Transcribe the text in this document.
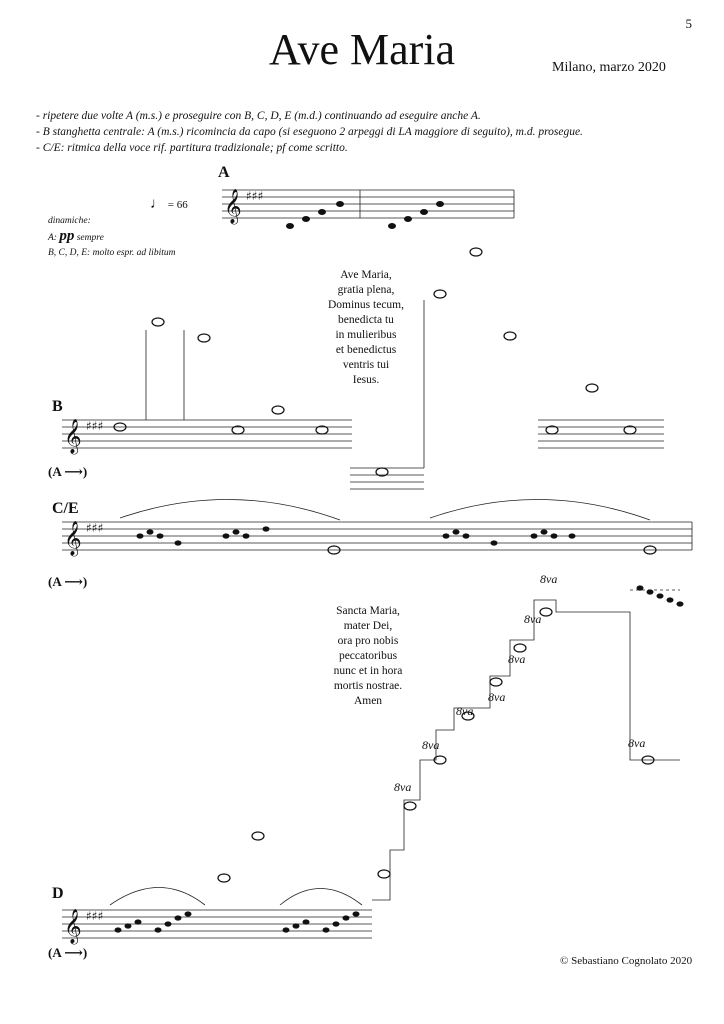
Ave Maria
5
Milano, marzo 2020
- ripetere due volte A (m.s.) e proseguire con B, C, D, E (m.d.) continuando ad eseguire anche A.
- B stanghetta centrale: A (m.s.) ricomincia da capo (si eseguono 2 arpeggi di LA maggiore di seguito), m.d. prosegue.
- C/E: ritmica della voce rif. partitura tradizionale; pf come scritto.
♩ = 66
dinamiche:
A: pp sempre
B, C, D, E: molto espr. ad libitum
A
B
C/E
D
(A ⟶)
(A ⟶)
(A ⟶)
Ave Maria,
gratia plena,
Dominus tecum,
benedicta tu
in mulieribus
et benedictus
ventris tui
Iesus.
Sancta Maria,
mater Dei,
ora pro nobis
peccatoribus
nunc et in hora
mortis nostrae.
Amen
8va
8va
8va
8va
8va
8va
8va
8va
© Sebastiano Cognolato 2020
𝄞
𝄞
𝄞
𝄞
♯♯♯
♯♯♯
♯♯♯
♯♯♯
